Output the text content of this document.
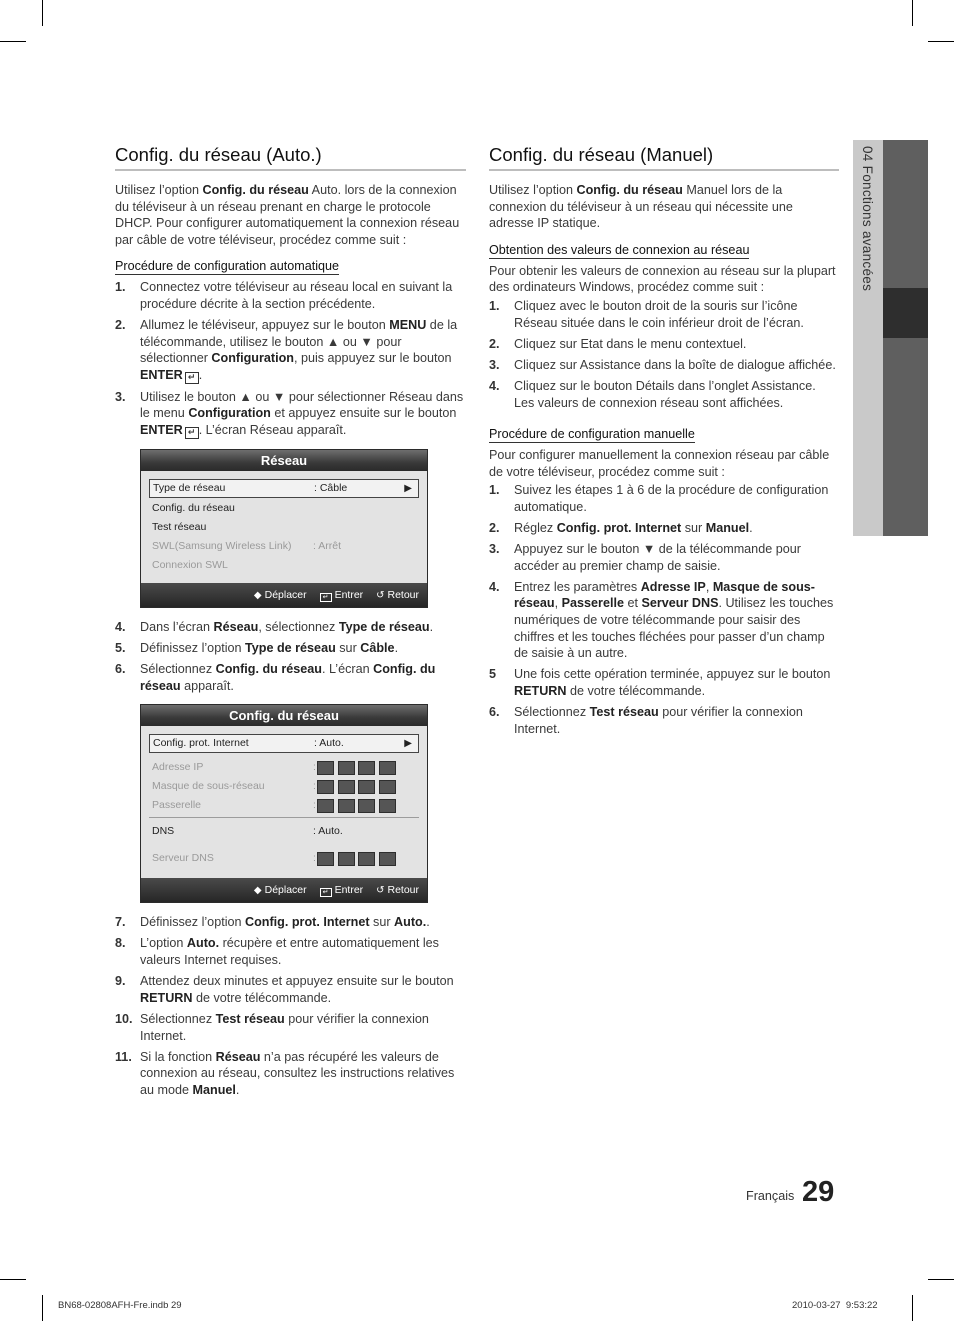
04 Fonctions avancées
Config. du réseau (Auto.)

Utilisez l’option Config. du réseau Auto. lors de la connexion du téléviseur à un réseau prenant en charge le protocole DHCP. Pour configurer automatiquement la connexion réseau par câble de votre téléviseur, procédez comme suit :

Procédure de configuration automatique
1. Connectez votre téléviseur au réseau local en suivant la procédure décrite à la section précédente.
2. Allumez le téléviseur, appuyez sur le bouton MENU de la télécommande, utilisez le bouton ▲ ou ▼ pour sélectionner Configuration, puis appuyez sur le bouton ENTER ↵ .
3. Utilisez le bouton ▲ ou ▼ pour sélectionner Réseau dans le menu Configuration et appuyez ensuite sur le bouton ENTER ↵ . L’écran Réseau apparaît.
Réseau
Type de réseau	: Câble	▶
Config. du réseau
Test réseau
SWL(Samsung Wireless Link) : Arrêt
Connexion SWL
◆ Déplacer ↵ Entrer ↺ Retour
4. Dans l’écran Réseau, sélectionnez Type de réseau.
5. Définissez l’option Type de réseau sur Câble.
6. Sélectionnez Config. du réseau. L’écran Config. du réseau apparaît.
Config. du réseau
Config. prot. Internet	: Auto.	▶
Adresse IP	:
Masque de sous-réseau	:
Passerelle	:
DNS	: Auto.
Serveur DNS	:
◆ Déplacer ↵ Entrer ↺ Retour
7. Définissez l’option Config. prot. Internet sur Auto..
8. L’option Auto. récupère et entre automatiquement les valeurs Internet requises.
9. Attendez deux minutes et appuyez ensuite sur le bouton RETURN de votre télécommande.
10. Sélectionnez Test réseau pour vérifier la connexion Internet.
11. Si la fonction Réseau n’a pas récupéré les valeurs de connexion au réseau, consultez les instructions relatives au mode Manuel.
Config. du réseau (Manuel)

Utilisez l’option Config. du réseau Manuel lors de la connexion du téléviseur à un réseau qui nécessite une adresse IP statique.

Obtention des valeurs de connexion au réseau

Pour obtenir les valeurs de connexion au réseau sur la plupart des ordinateurs Windows, procédez comme suit :

1. Cliquez avec le bouton droit de la souris sur l’icône Réseau située dans le coin inférieur droit de l’écran.
2. Cliquez sur Etat dans le menu contextuel.
3. Cliquez sur Assistance dans la boîte de dialogue affichée.
4. Cliquez sur le bouton Détails dans l’onglet Assistance. Les valeurs de connexion réseau sont affichées.
Procédure de configuration manuelle

Pour configurer manuellement la connexion réseau par câble de votre téléviseur, procédez comme suit :

1. Suivez les étapes 1 à 6 de la procédure de configuration automatique.
2. Réglez Config. prot. Internet sur Manuel.
3. Appuyez sur le bouton ▼ de la télécommande pour accéder au premier champ de saisie.
4. Entrez les paramètres Adresse IP, Masque de sous-réseau, Passerelle et Serveur DNS. Utilisez les touches numériques de votre télécommande pour saisir des chiffres et les touches fléchées pour passer d’un champ de saisie à un autre.
5 Une fois cette opération terminée, appuyez sur le bouton RETURN de votre télécommande.
6. Sélectionnez Test réseau pour vérifier la connexion Internet.
Français 29
BN68-02808AFH-Fre.indb 29	2010-03-27 ︎ 9:53:22
